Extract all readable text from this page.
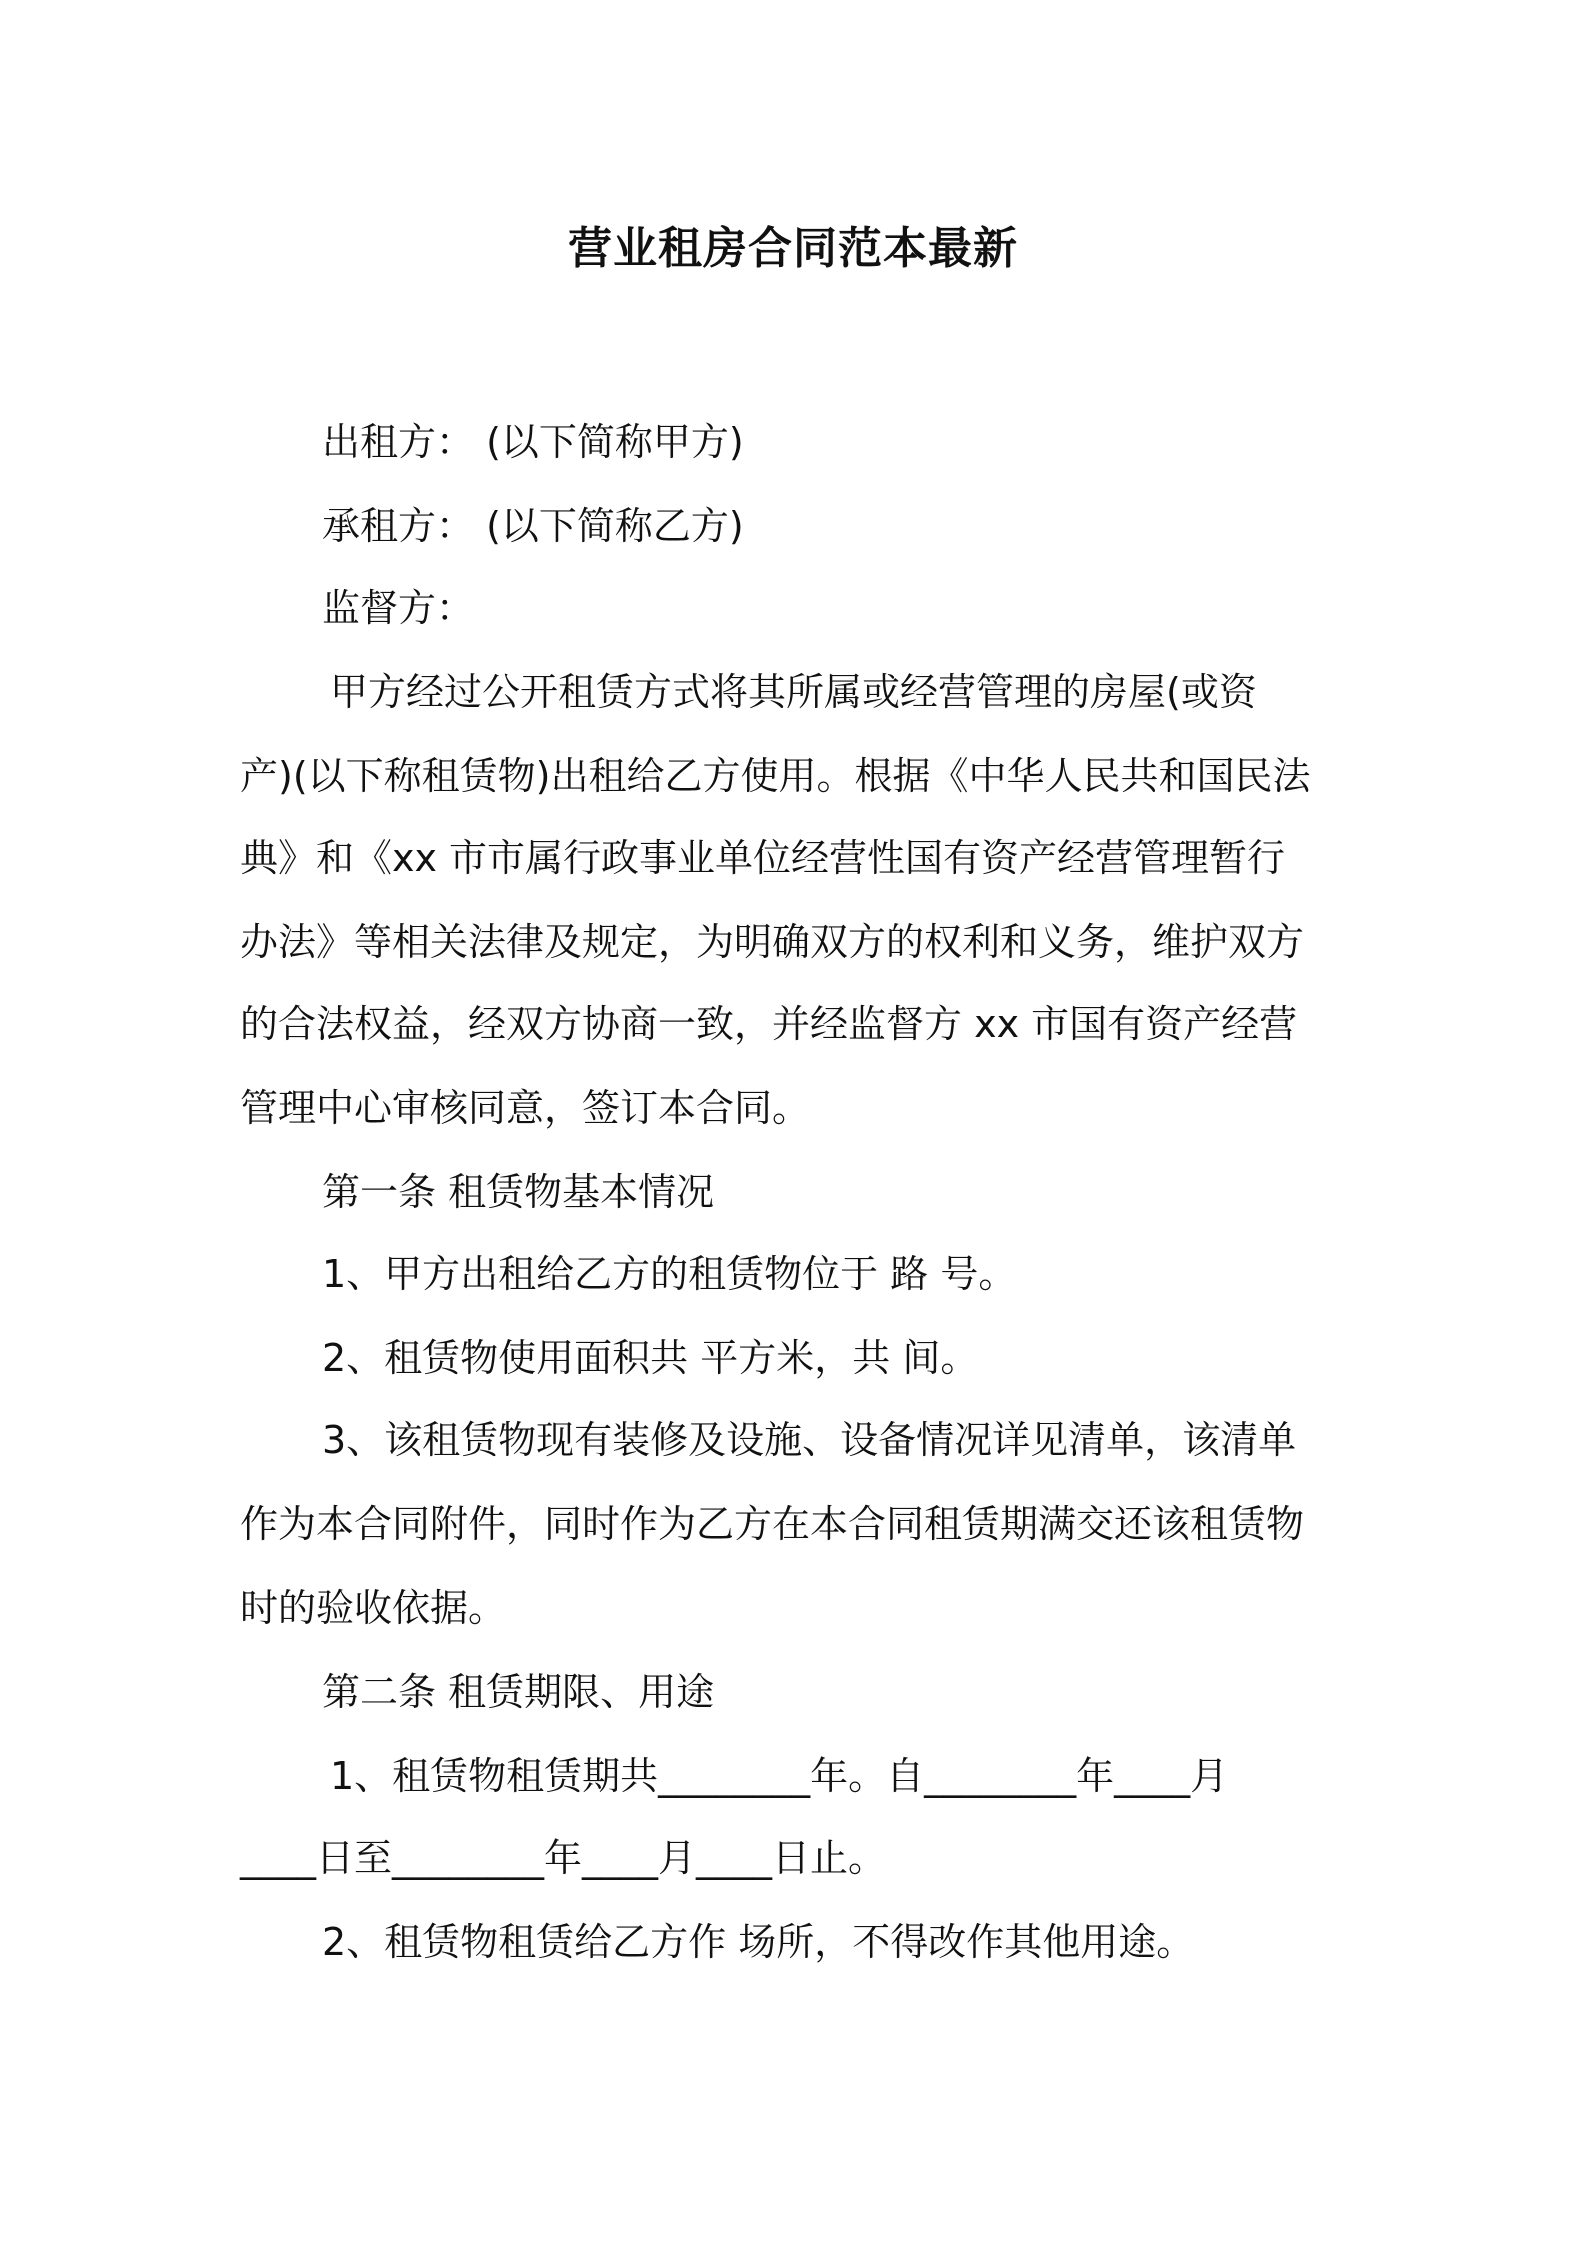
营业租房合同范本最新
出租方： (以下简称甲方)
承租方： (以下简称乙方)
监督方：
甲方经过公开租赁方式将其所属或经营管理的房屋(或资
产)(以下称租赁物)出租给乙方使用。根据《中华人民共和国民法
典》和《xx 市市属行政事业单位经营性国有资产经营管理暂行
办法》等相关法律及规定，为明确双方的权利和义务，维护双方
的合法权益，经双方协商一致，并经监督方 xx 市国有资产经营
管理中心审核同意，签订本合同。
第一条 租赁物基本情况
1、甲方出租给乙方的租赁物位于 路 号。
2、租赁物使用面积共 平方米，共 间。
3、该租赁物现有装修及设施、设备情况详见清单，该清单
作为本合同附件，同时作为乙方在本合同租赁期满交还该租赁物
时的验收依据。
第二条 租赁期限、用途
1、租赁物租赁期共________年。自________年____月
____日至________年____月____日止。
2、租赁物租赁给乙方作 场所，不得改作其他用途。
